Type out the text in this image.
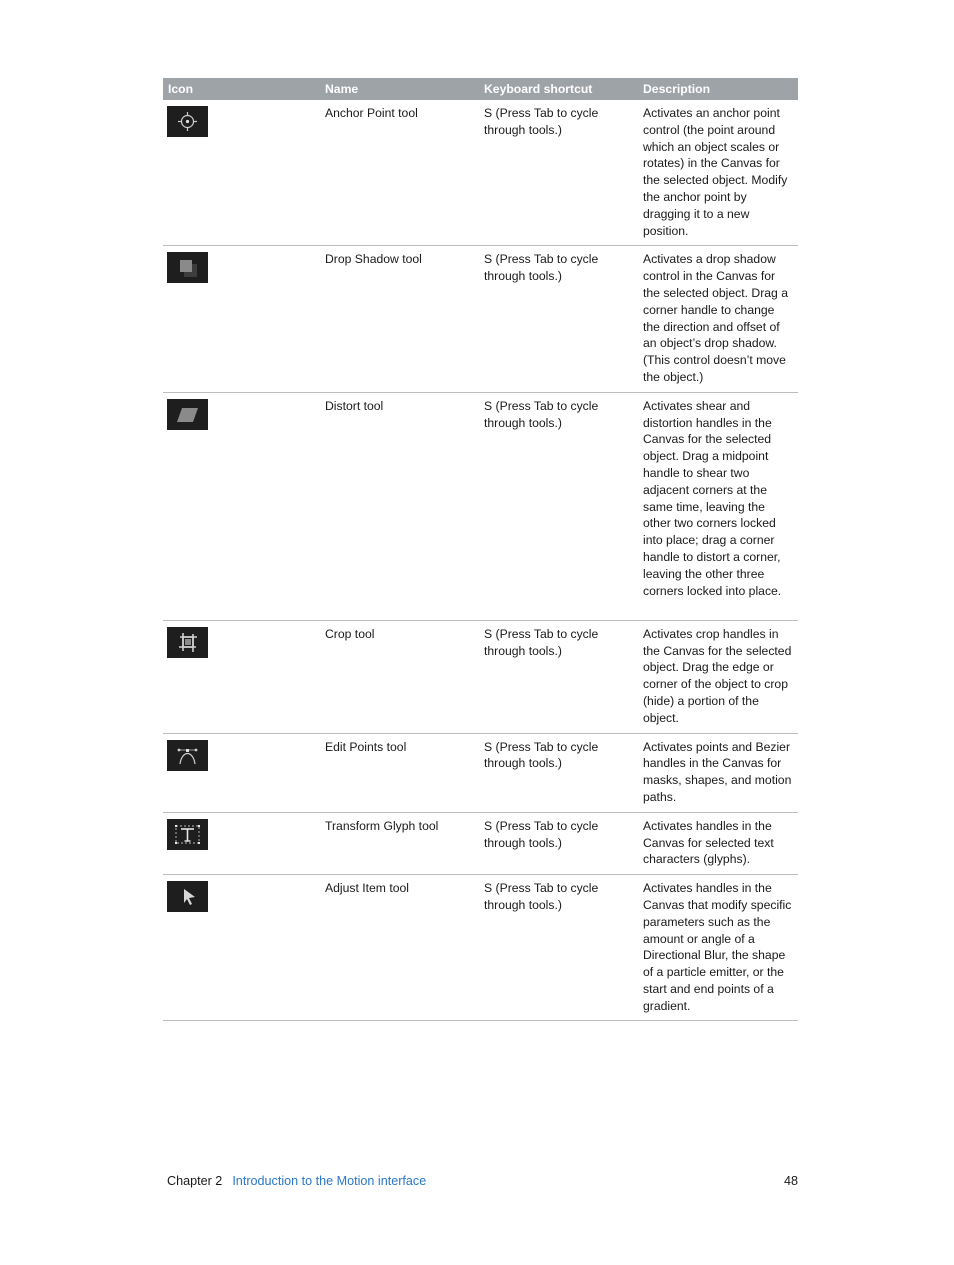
Icon	Name	Keyboard shortcut	Description

Anchor Point tool	S (Press Tab to cycle through tools.)	Activates an anchor point control (the point around which an object scales or rotates) in the Canvas for the selected object. Modify the anchor point by dragging it to a new position.

Drop Shadow tool	S (Press Tab to cycle through tools.)	Activates a drop shadow control in the Canvas for the selected object. Drag a corner handle to change the direction and offset of an object’s drop shadow. (This control doesn’t move the object.)

Distort tool	S (Press Tab to cycle through tools.)	Activates shear and distortion handles in the Canvas for the selected object. Drag a midpoint handle to shear two adjacent corners at the same time, leaving the other two corners locked into place; drag a corner handle to distort a corner, leaving the other three corners locked into place.

Crop tool	S (Press Tab to cycle through tools.)	Activates crop handles in the Canvas for the selected object. Drag the edge or corner of the object to crop (hide) a portion of the object.

Edit Points tool	S (Press Tab to cycle through tools.)	Activates points and Bezier handles in the Canvas for masks, shapes, and motion paths.

Transform Glyph tool	S (Press Tab to cycle through tools.)	Activates handles in the Canvas for selected text characters (glyphs).

Adjust Item tool	S (Press Tab to cycle through tools.)	Activates handles in the Canvas that modify specific parameters such as the amount or angle of a Directional Blur, the shape of a particle emitter, or the start and end points of a gradient.
Chapter 2 Introduction to the Motion interface	48
